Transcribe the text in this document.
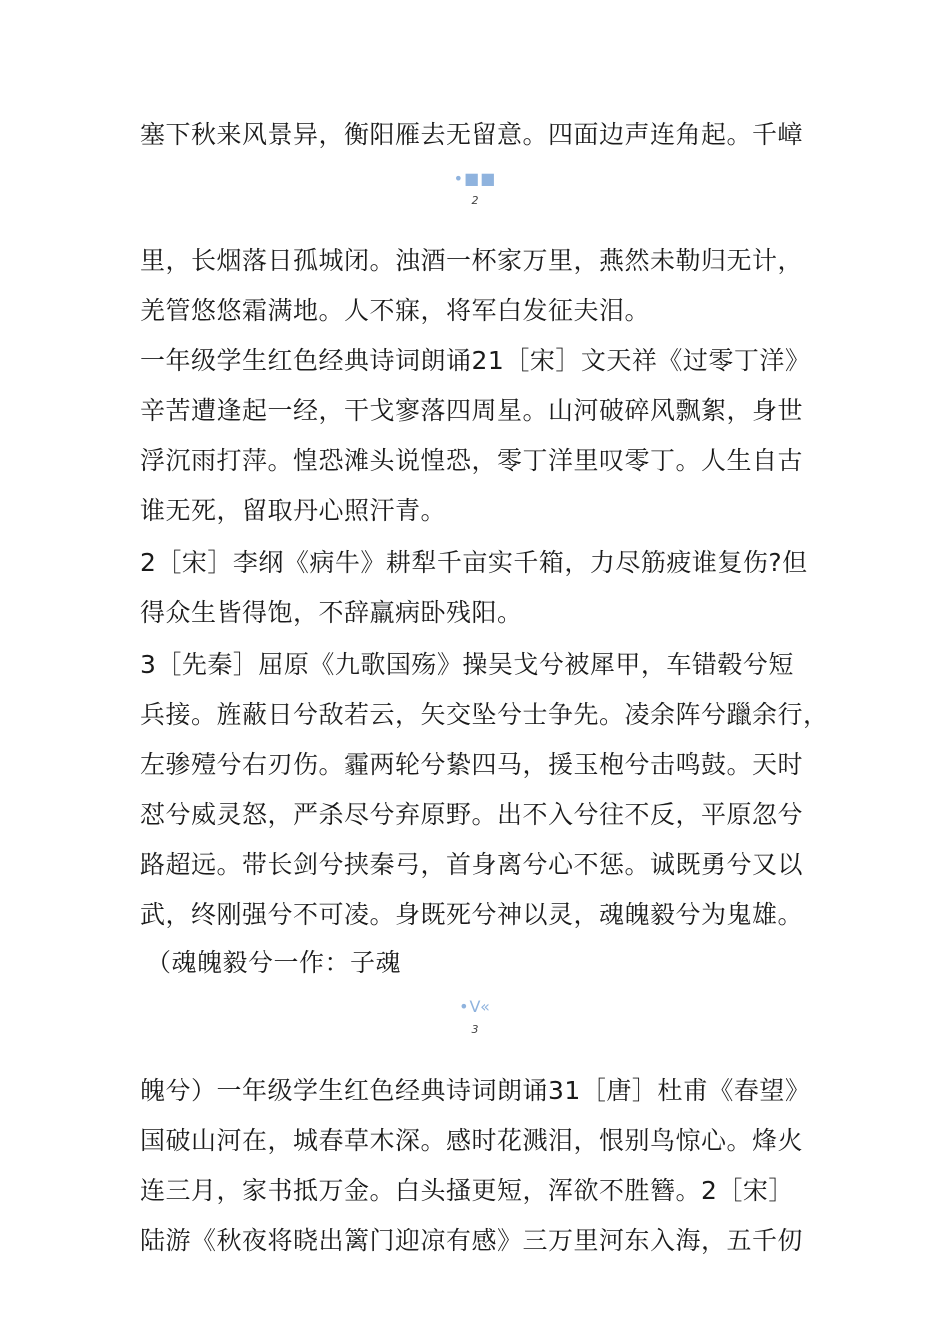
塞下秋来风景异，衡阳雁去无留意。四面边声连角起。千嶂
•■■
2
里，长烟落日孤城闭。浊酒一杯家万里，燕然未勒归无计，
羌管悠悠霜满地。人不寐，将军白发征夫泪。
一年级学生红色经典诗词朗诵21［宋］文天祥《过零丁洋》
辛苦遭逢起一经，干戈寥落四周星。山河破碎风飘絮，身世
浮沉雨打萍。惶恐滩头说惶恐，零丁洋里叹零丁。人生自古
谁无死，留取丹心照汗青。
2［宋］李纲《病牛》耕犁千亩实千箱，力尽筋疲谁复伤?但
得众生皆得饱，不辞羸病卧残阳。
3［先秦］屈原《九歌国殇》操吴戈兮被犀甲，车错毂兮短
兵接。旌蔽日兮敌若云，矢交坠兮士争先。凌余阵兮躐余行，
左骖殪兮右刃伤。霾两轮兮絷四马，援玉枹兮击鸣鼓。天时
怼兮威灵怒，严杀尽兮弃原野。出不入兮往不反，平原忽兮
路超远。带长剑兮挟秦弓，首身离兮心不惩。诚既勇兮又以
武，终刚强兮不可凌。身既死兮神以灵，魂魄毅兮为鬼雄。
（魂魄毅兮一作：子魂
•V«
3
魄兮）一年级学生红色经典诗词朗诵31［唐］杜甫《春望》
国破山河在，城春草木深。感时花溅泪，恨别鸟惊心。烽火
连三月，家书抵万金。白头搔更短，浑欲不胜簪。2［宋］
陆游《秋夜将晓出篱门迎凉有感》三万里河东入海，五千仞
